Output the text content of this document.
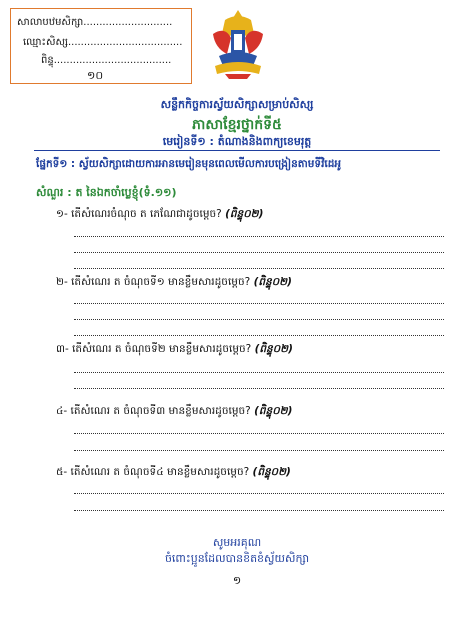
សាលាបឋមសិក្សា............................
ឈ្មោះសិស្ស....................................
ពិន្ទុ.....................................
១០
សន្លឹកកិច្ចការស្វ័យសិក្សាសម្រាប់សិស្ស
ភាសាខ្មែរថ្នាក់ទី៥
មេរៀនទី១ : តំណាងនិងពាក្យខេមរុត្ត
ផ្នែកទី១ : ស្វ័យសិក្សាដោយការអានមេរៀនមុនពេលមើលការបង្រៀនតាមទីវិដេអូ
សំណួរ : ត នៃឯកចាំប្លេខ្ញុំ(ទំ.១១)
១- តើសំណេរចំណុច ត ភេណែជាដូចម្ដេច? (ពិន្ទុ០២)
២- តើសំណេរ ត ចំណុចទី១ មានខ្លឹមសារដូចម្ដេច? (ពិន្ទុ០២)
៣- តើសំណេរ ត ចំណុចទី២ មានខ្លឹមសារដូចម្ដេច? (ពិន្ទុ០២)
៤- តើសំណេរ ត ចំណុចទី៣ មានខ្លឹមសារដូចម្ដេច? (ពិន្ទុ០២)
៥- តើសំណេរ ត ចំណុចទី៤ មានខ្លឹមសារដូចម្ដេច? (ពិន្ទុ០២)
សូមអរគុណ
ចំពោះប្អូនដែលបានខិតខំស្វ័យសិក្សា
១
